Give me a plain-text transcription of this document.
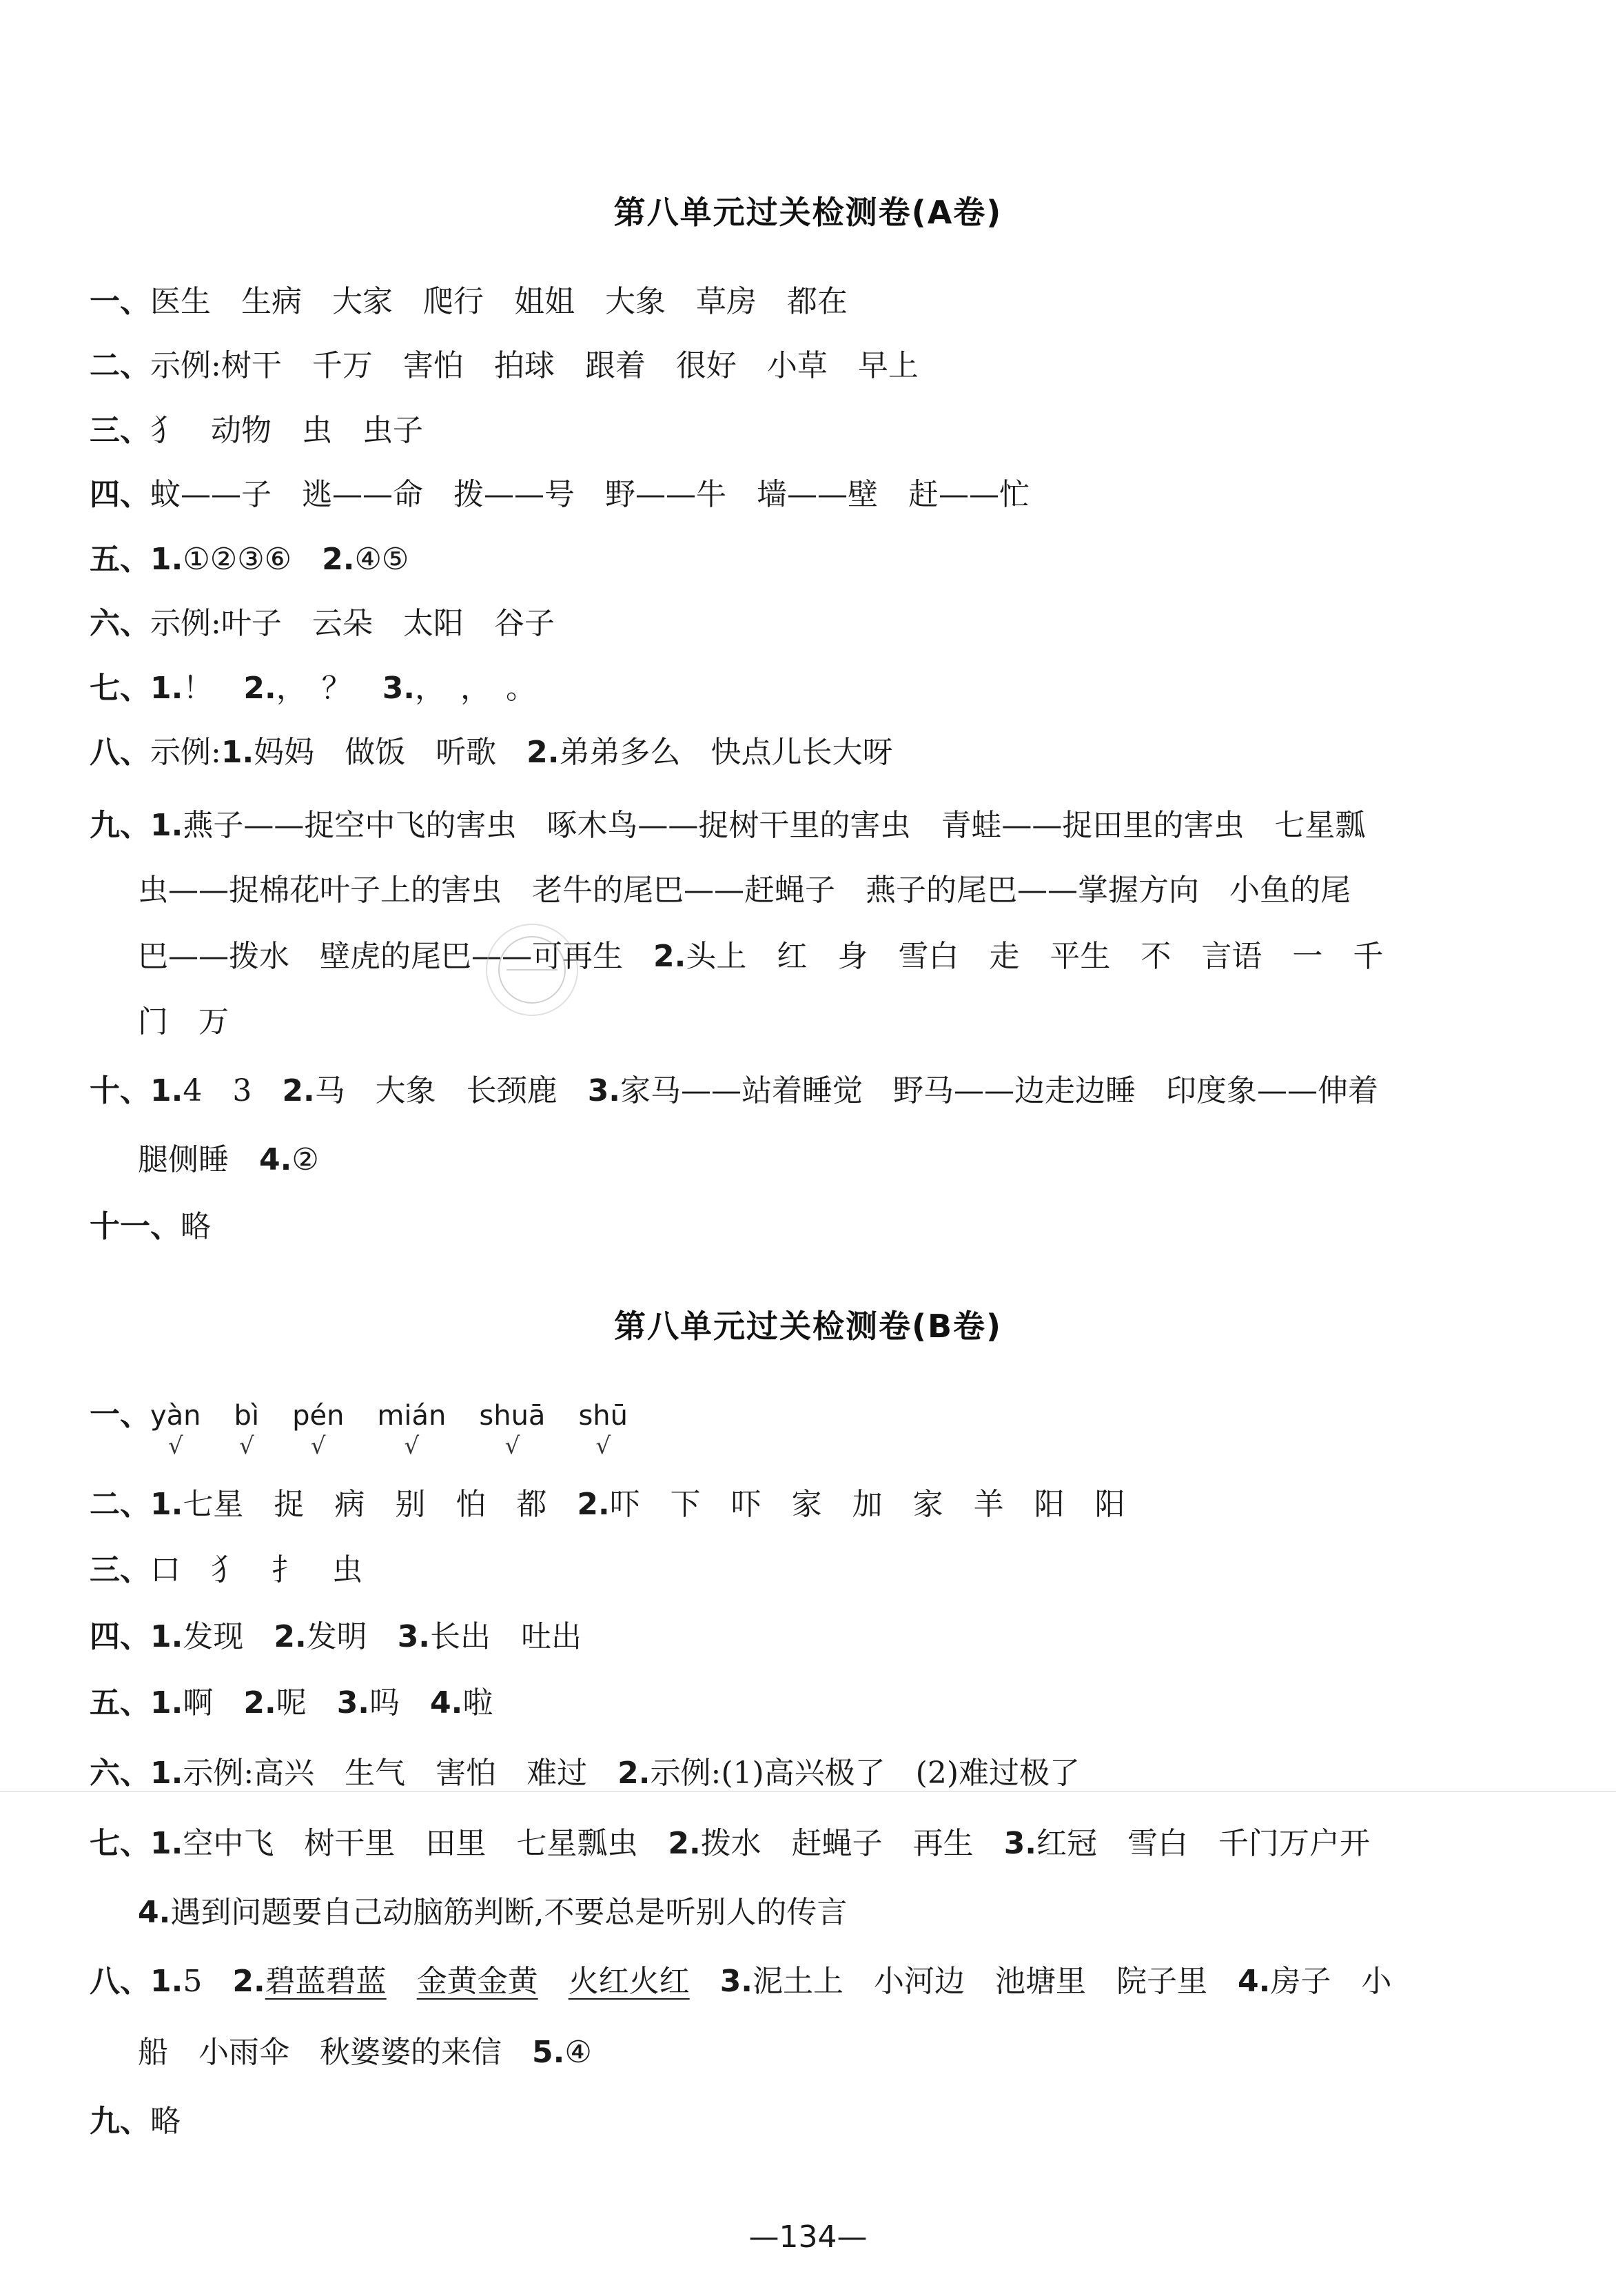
第八单元过关检测卷(A卷)
一、医生　生病　大家　爬行　姐姐　大象　草房　都在
二、示例:树干　千万　害怕　拍球　跟着　很好　小草　早上
三、犭　动物　虫　虫子
四、蚊——子　逃——命　拨——号　野——牛　墙——壁　赶——忙
五、1.①②③⑥ 2.④⑤
六、示例:叶子　云朵　太阳　谷子
七、1.！ 2.，　？ 3.，　，　。
八、示例:1.妈妈　做饭　听歌 2.弟弟多么　快点儿长大呀
九、1.燕子——捉空中飞的害虫　啄木鸟——捉树干里的害虫　青蛙——捉田里的害虫　七星瓢
虫——捉棉花叶子上的害虫　老牛的尾巴——赶蝇子　燕子的尾巴——掌握方向　小鱼的尾
巴——拨水　壁虎的尾巴——可再生 2.头上　红　身　雪白　走　平生　不　言语　一　千
门　万
十、1.4　3 2.马　大象　长颈鹿 3.家马——站着睡觉　野马——边走边睡　印度象——伸着
腿侧睡 4.②
十一、略
第八单元过关检测卷(B卷)
一、yàn
√
bì
√
pén
√
mián
√
shuā
√
shū
√
二、1.七星　捉　病　别　怕　都 2.吓　下　吓　家　加　家　羊　阳　阳
三、口　犭　扌　虫
四、1.发现 2.发明 3.长出　吐出
五、1.啊 2.呢 3.吗 4.啦
六、1.示例:高兴　生气　害怕　难过 2.示例:(1)高兴极了　(2)难过极了
七、1.空中飞　树干里　田里　七星瓢虫 2.拨水　赶蝇子　再生 3.红冠　雪白　千门万户开
4.遇到问题要自己动脑筋判断,不要总是听别人的传言
八、1.5 2.碧蓝碧蓝 金黄金黄 火红火红 3.泥土上　小河边　池塘里　院子里 4.房子　小
船　小雨伞　秋婆婆的来信 5.④
九、略
—134—
